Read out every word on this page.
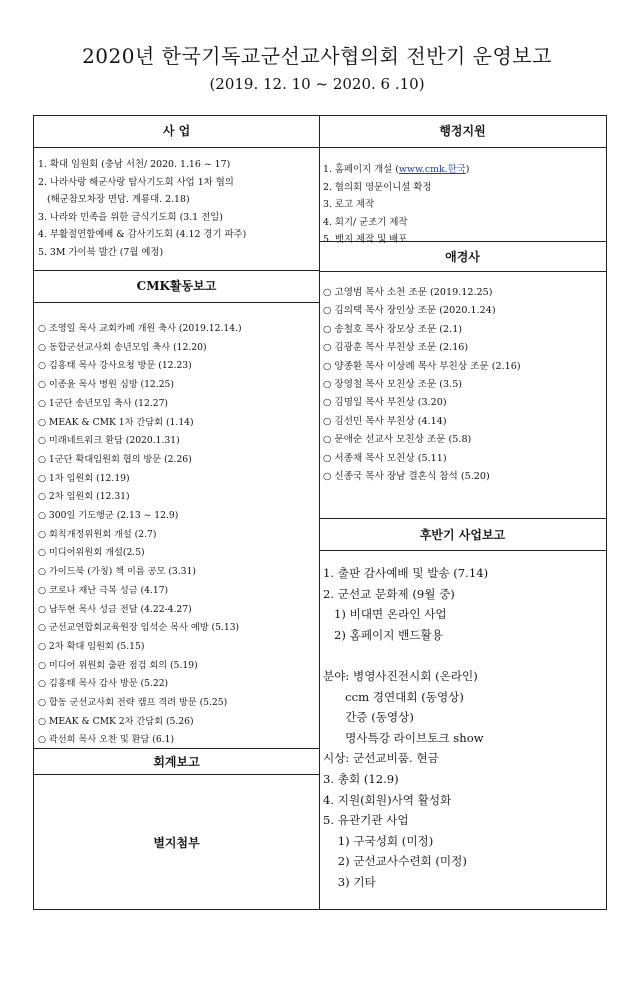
2020년 한국기독교군선교사협의회 전반기 운영보고
(2019. 12. 10 ~ 2020. 6 .10)
사 업
1. 확대 임원회 (충남 서천/ 2020. 1.16 ~ 17)
2. 나라사랑 해군사랑 탐사기도회 사업 1차 협의
(해군참모차장 면담. 계룡대. 2.18)
3. 나라와 민족을 위한 금식기도회 (3.1 전일)
4. 부활절연합예배 & 감사기도회 (4.12 경기 파주)
5. 3M 가이북 발간 (7월 예정)
CMK활동보고
○ 조영일 목사 교회카페 개원 축사 (2019.12.14.)
○ 동합군선교사회 송년모임 축사 (12.20)
○ 김홍태 목사 강사요청 방문 (12.23)
○ 이종윤 목사 병원 심방 (12.25)
○ 1군단 송년모임 축사 (12.27)
○ MEAK & CMK 1차 간담회 (1.14)
○ 미래네트워크 환담 (2020.1.31)
○ 1군단 확대임원회 협의 방문 (2.26)
○ 1차 임원회 (12.19)
○ 2차 임원회 (12.31)
○ 300일 기도행군 (2.13 ~ 12.9)
○ 회칙개정위원회 개설 (2.7)
○ 미디어위원회 개설(2.5)
○ 가이드북 (가칭) 책 이름 공모 (3.31)
○ 코로나 재난 극복 성금 (4.17)
○ 남두현 목사 성금 전달 (4.22-4.27)
○ 군선교연합회교육원장 임석순 목사 예방 (5.13)
○ 2차 확대 임원회 (5.15)
○ 미디어 위원회 출판 점검 회의 (5.19)
○ 김홍태 목사 감사 방문 (5.22)
○ 합동 군선교사회 전략 캠프 격려 방문 (5.25)
○ MEAK & CMK 2차 간담회 (5.26)
○ 곽선희 목사 오찬 및 환담 (6.1)
회계보고
별지첨부
행정지원
1. 홈페이지 개설 (www.cmk.한국)
2. 협의회 영문이니셜 확정
3. 로고 제작
4. 회기/ 군조기 제작
5. 뱃지 제작 및 배포
애경사
○ 고영범 목사 소천 조문 (2019.12.25)
○ 김의택 목사 장인상 조문 (2020.1.24)
○ 송철호 목사 장모상 조문 (2.1)
○ 김광훈 목사 부친상 조문 (2.16)
○ 양종환 목사 이상례 목사 부친상 조문 (2.16)
○ 장영철 목사 모친상 조문 (3.5)
○ 김명일 목사 부친상 (3.20)
○ 김선민 목사 부친상 (4.14)
○ 문애순 선교사 모친상 조문 (5.8)
○ 서종채 목사 모친상 (5.11)
○ 신종국 목사 장남 결혼식 참석 (5.20)
후반기 사업보고
1. 출판 감사예배 및 발송 (7.14)
2. 군선교 문화제 (9월 중)
1) 비대면 온라인 사업
2) 홈페이지 밴드활용

분야: 병영사진전시회 (온라인)
ccm 경연대회 (동영상)
간증 (동영상)
명사특강 라이브토크 show
시상: 군선교비품. 현금
3. 총회 (12.9)
4. 지원(회원)사역 활성화
5. 유관기관 사업
1) 구국성회 (미정)
2) 군선교사수련회 (미정)
3) 기타
